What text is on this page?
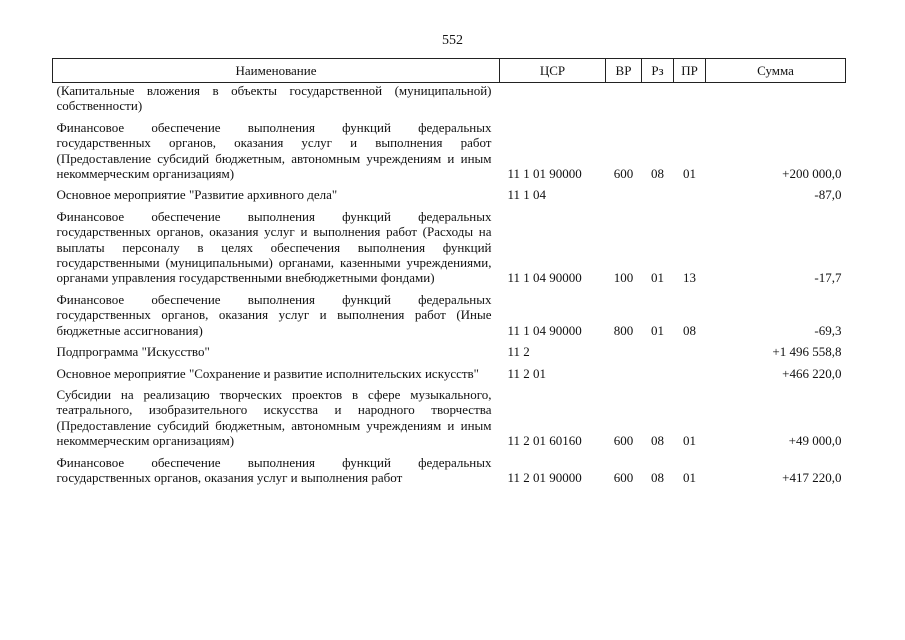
552
Наименование	ЦСР	ВР	Рз	ПР	Сумма
(Капитальные вложения в объекты государственной (муниципальной) собственности)					

Финансовое обеспечение выполнения функций федеральных государственных органов, оказания услуг и выполнения работ (Предоставление субсидий бюджетным, автономным учреждениям и иным некоммерческим организациям)	11 1 01 90000	600	08	01	+200 000,0

Основное мероприятие "Развитие архивного дела"	11 1 04				-87,0

Финансовое обеспечение выполнения функций федеральных государственных органов, оказания услуг и выполнения работ (Расходы на выплаты персоналу в целях обеспечения выполнения функций государственными (муниципальными) органами, казенными учреждениями, органами управления государственными внебюджетными фондами)	11 1 04 90000	100	01	13	-17,7

Финансовое обеспечение выполнения функций федеральных государственных органов, оказания услуг и выполнения работ (Иные бюджетные ассигнования)	11 1 04 90000	800	01	08	-69,3

Подпрограмма "Искусство"	11 2				+1 496 558,8

Основное мероприятие "Сохранение и развитие исполнительских искусств"	11 2 01				+466 220,0

Субсидии на реализацию творческих проектов в сфере музыкального, театрального, изобразительного искусства и народного творчества (Предоставление субсидий бюджетным, автономным учреждениям и иным некоммерческим организациям)	11 2 01 60160	600	08	01	+49 000,0

Финансовое обеспечение выполнения функций федеральных государственных органов, оказания услуг и выполнения работ	11 2 01 90000	600	08	01	+417 220,0
